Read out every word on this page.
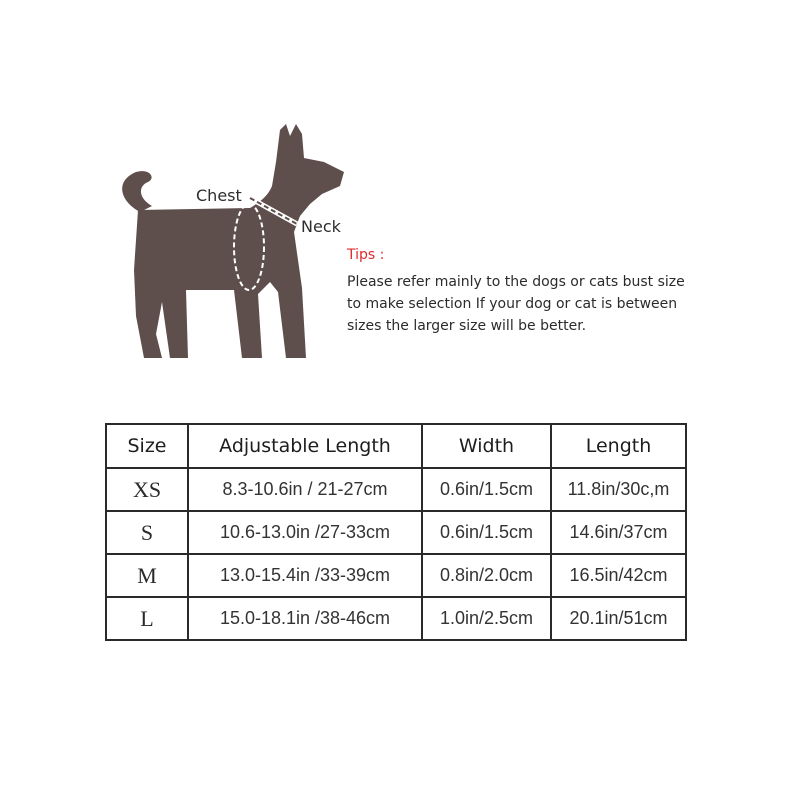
Chest
Neck

Tips :

Please refer mainly to the dogs or cats bust size

to make selection If your dog or cat is between

sizes the larger size will be better.

Size	Adjustable Length	Width	Length
XS	8.3-10.6in / 21-27cm	0.6in/1.5cm	11.8in/30c,m
S	10.6-13.0in /27-33cm	0.6in/1.5cm	14.6in/37cm
M	13.0-15.4in /33-39cm	0.8in/2.0cm	16.5in/42cm
L	15.0-18.1in /38-46cm	1.0in/2.5cm	20.1in/51cm
